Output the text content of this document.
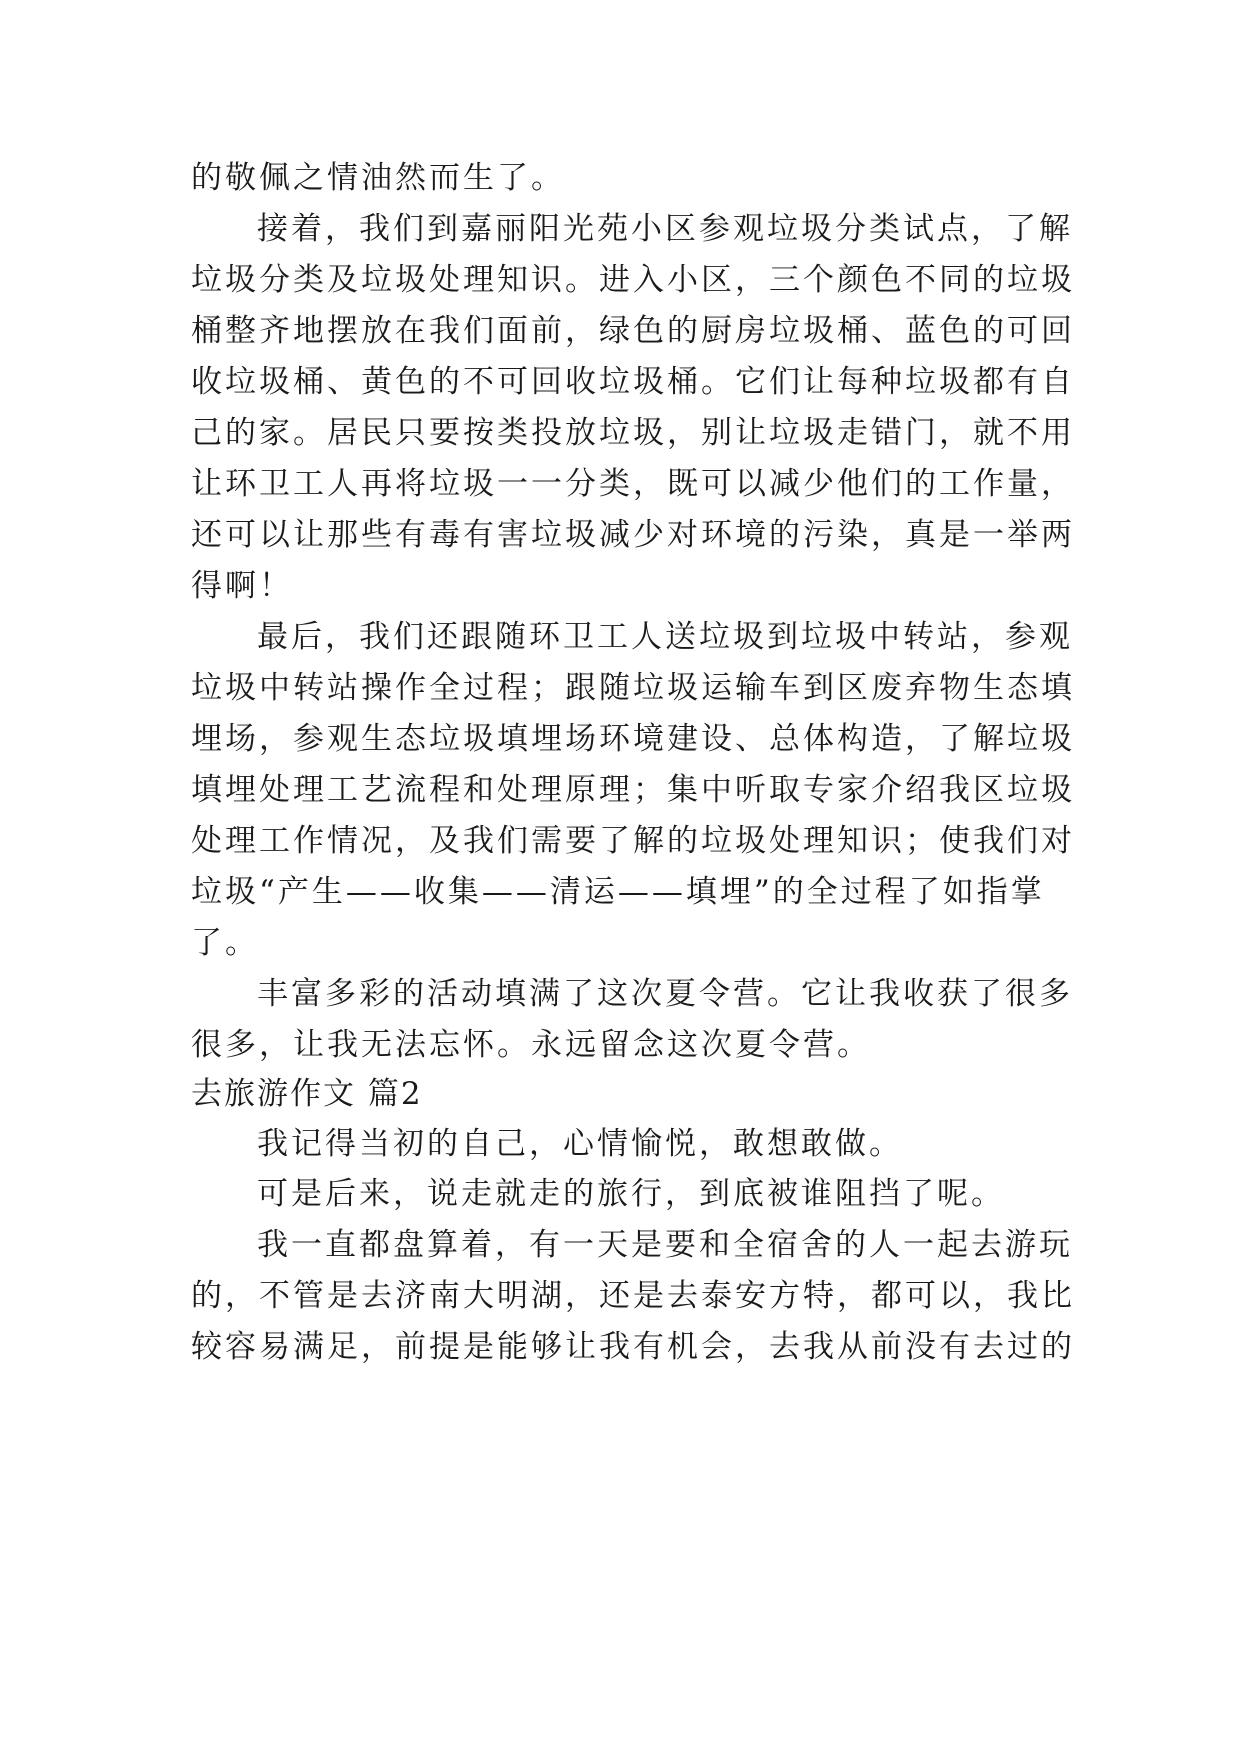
的敬佩之情油然而生了。
接着，我们到嘉丽阳光苑小区参观垃圾分类试点，了解
垃圾分类及垃圾处理知识。进入小区，三个颜色不同的垃圾
桶整齐地摆放在我们面前，绿色的厨房垃圾桶、蓝色的可回
收垃圾桶、黄色的不可回收垃圾桶。它们让每种垃圾都有自
己的家。居民只要按类投放垃圾，别让垃圾走错门，就不用
让环卫工人再将垃圾一一分类，既可以减少他们的工作量，
还可以让那些有毒有害垃圾减少对环境的污染，真是一举两
得啊！
最后，我们还跟随环卫工人送垃圾到垃圾中转站，参观
垃圾中转站操作全过程；跟随垃圾运输车到区废弃物生态填
埋场，参观生态垃圾填埋场环境建设、总体构造，了解垃圾
填埋处理工艺流程和处理原理；集中听取专家介绍我区垃圾
处理工作情况，及我们需要了解的垃圾处理知识；使我们对
垃圾“产生——收集——清运——填埋”的全过程了如指掌
了。
丰富多彩的活动填满了这次夏令营。它让我收获了很多
很多，让我无法忘怀。永远留念这次夏令营。
去旅游作文 篇2
我记得当初的自己，心情愉悦，敢想敢做。
可是后来，说走就走的旅行，到底被谁阻挡了呢。
我一直都盘算着，有一天是要和全宿舍的人一起去游玩
的，不管是去济南大明湖，还是去泰安方特，都可以，我比
较容易满足，前提是能够让我有机会，去我从前没有去过的
